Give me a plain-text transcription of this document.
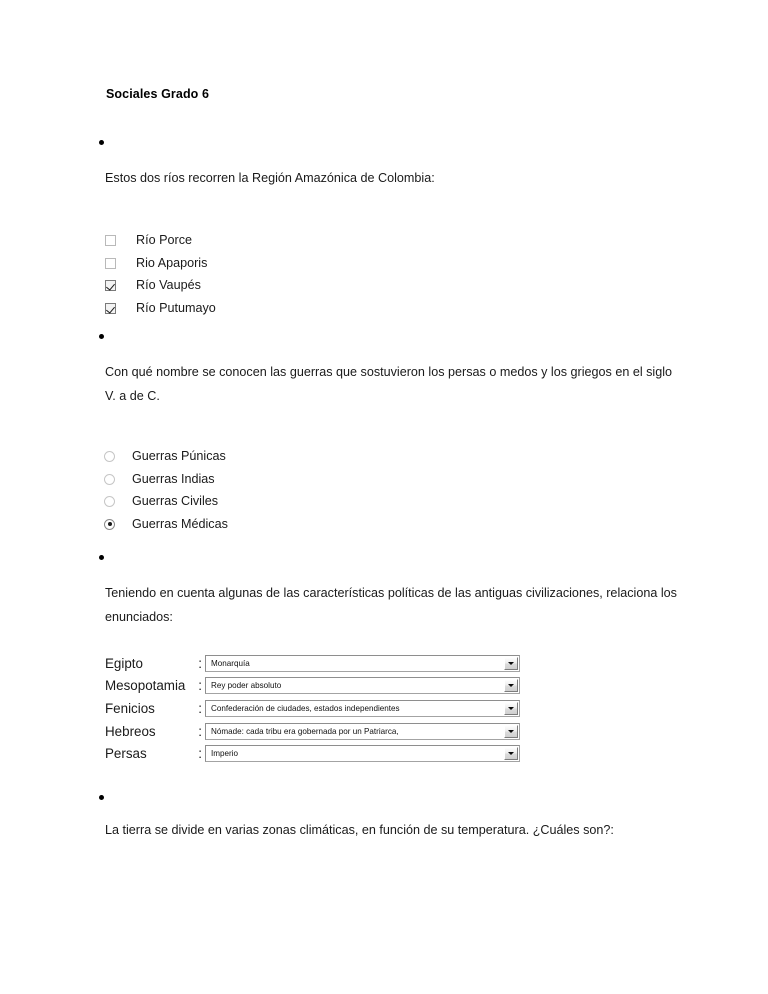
Sociales Grado 6
Estos dos ríos recorren la Región Amazónica de Colombia:
Río Porce
Rio Apaporis
Río Vaupés
Río Putumayo
Con qué nombre se conocen las guerras que sostuvieron los persas o medos y los griegos en el siglo V. a de C.
Guerras Púnicas
Guerras Indias
Guerras Civiles
Guerras Médicas
Teniendo en cuenta algunas de las características políticas de las antiguas civilizaciones, relaciona los enunciados:
Egipto	:	Monarquía
Mesopotamia :	Rey poder absoluto
Fenicios	:	Confederación de ciudades, estados independientes
Hebreos	:	Nómade: cada tribu era gobernada por un Patriarca,
Persas	:	Imperio
La tierra se divide en varias zonas climáticas, en función de su temperatura. ¿Cuáles son?:
